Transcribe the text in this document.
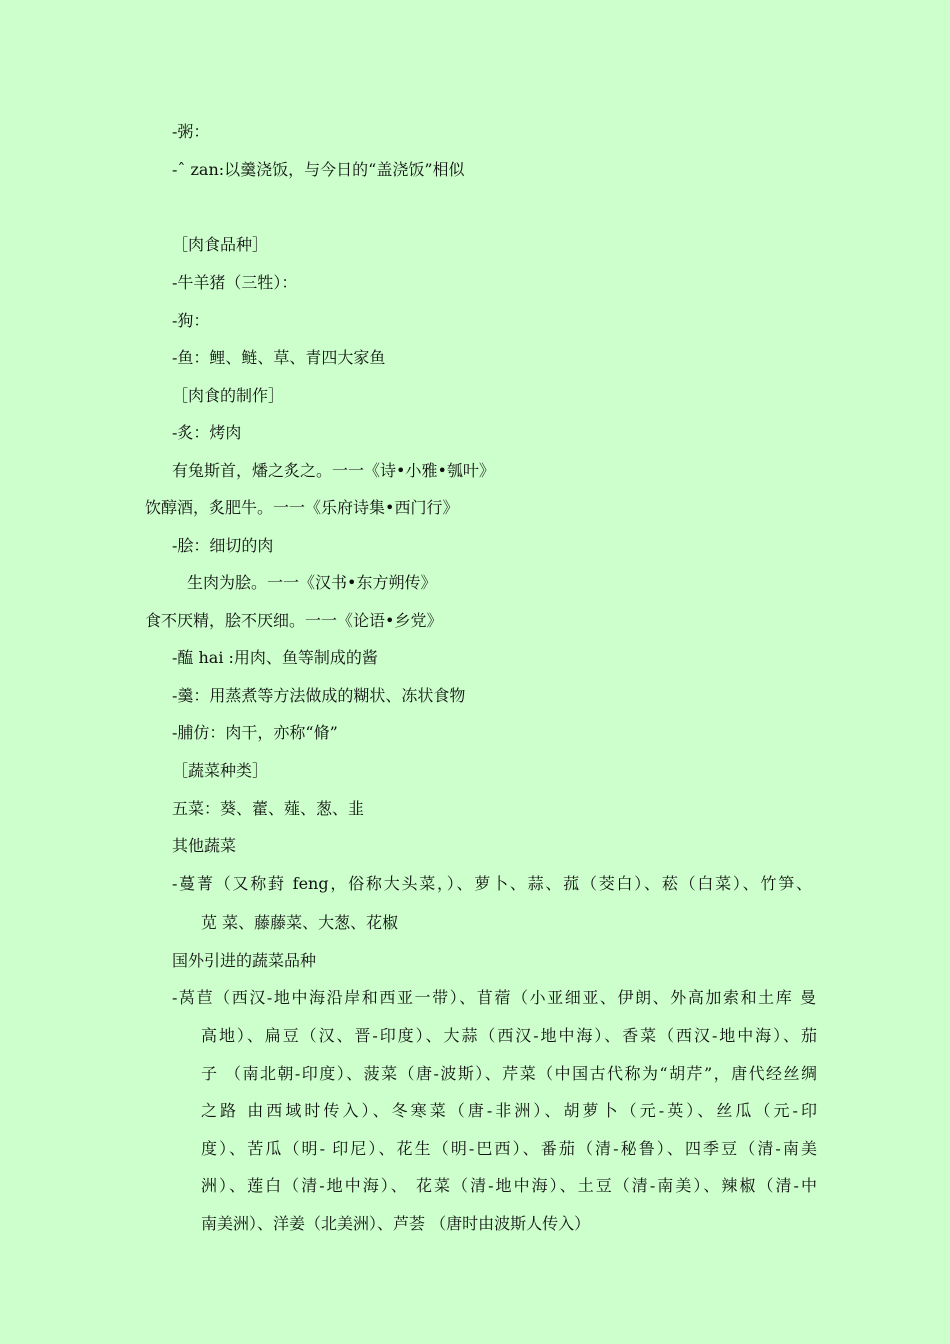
-粥：
-ˆ zan:以羹浇饭，与今日的“盖浇饭”相似
［肉食品种］
-牛羊猪（三牲）：
-狗：
-鱼：鲤、鲢、草、青四大家鱼
［肉食的制作］
-炙：烤肉
有兔斯首，燔之炙之。一一《诗•小雅•瓠叶》
饮醇酒，炙肥牛。一一《乐府诗集•西门行》
-脍：细切的肉
生肉为脍。一一《汉书•东方朔传》
食不厌精，脍不厌细。一一《论语•乡党》
-醢 hai :用肉、鱼等制成的酱
-羹：用蒸煮等方法做成的糊状、冻状食物
-脯仿：肉干，亦称“脩”
［蔬菜种类］
五菜：葵、藿、薤、葱、韭
其他蔬菜
-蔓菁（又称葑 feng，俗称大头菜，）、萝卜、蒜、菰（茭白）、菘（白菜）、竹笋、
苋 菜、藤藤菜、大葱、花椒
国外引进的蔬菜品种
-莴苣（西汉-地中海沿岸和西亚一带）、苜蓿（小亚细亚、伊朗、外高加索和土库 曼
高地）、扁豆（汉、晋-印度）、大蒜（西汉-地中海）、香菜（西汉-地中海）、茄
子 （南北朝-印度）、菠菜（唐-波斯）、芹菜（中国古代称为“胡芹”，唐代经丝绸
之路 由西域时传入）、冬寒菜（唐-非洲）、胡萝卜（元-英）、丝瓜（元-印
度）、苦瓜（明- 印尼）、花生（明-巴西）、番茄（清-秘鲁）、四季豆（清-南美
洲）、莲白（清-地中海）、 花菜（清-地中海）、土豆（清-南美）、辣椒（清-中
南美洲）、洋姜（北美洲）、芦荟 （唐时由波斯人传入）
